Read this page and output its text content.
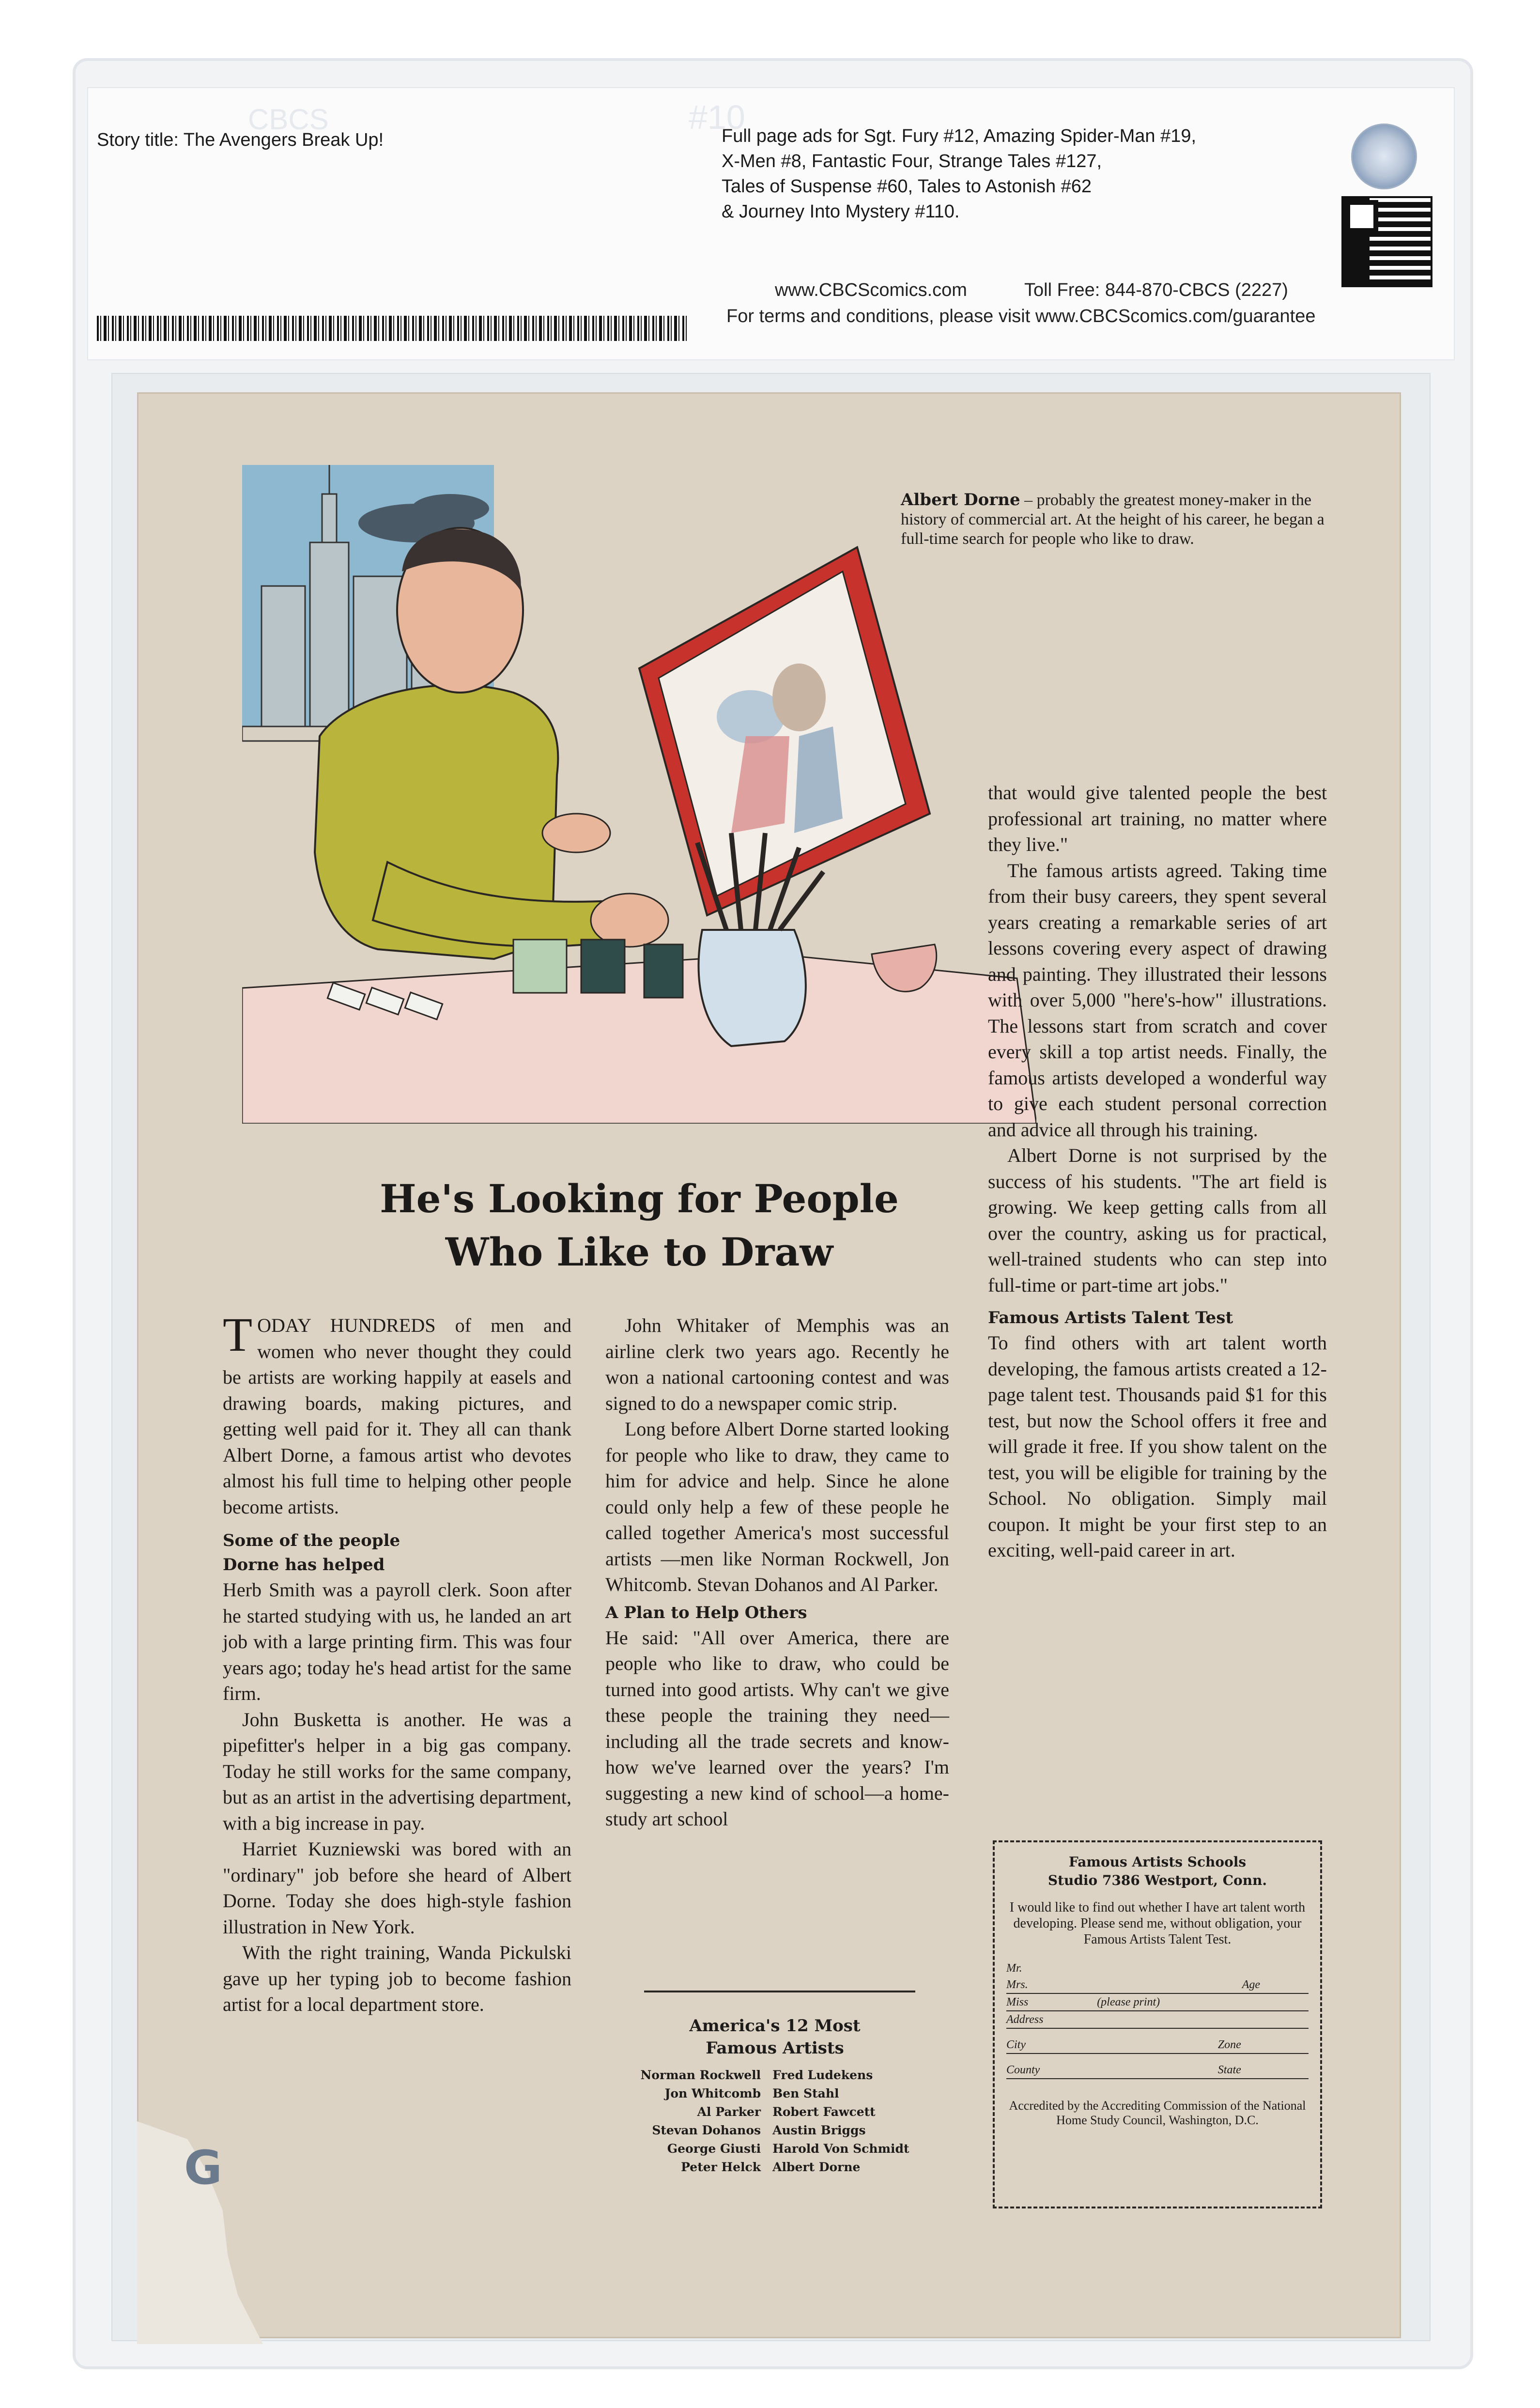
CBCS	#10
Story title: The Avengers Break Up!	Full page ads for Sgt. Fury #12, Amazing Spider-Man #19,
X-Men #8, Fantastic Four, Strange Tales #127,
Tales of Suspense #60, Tales to Astonish #62
& Journey Into Mystery #110.
www.CBCScomics.com	Toll Free: 844-870-CBCS (2227)
For terms and conditions, please visit www.CBCScomics.com/guarantee
Albert Dorne – probably the greatest money-maker in the history of commercial art. At the height of his career, he began a full-time search for people who like to draw.
He's Looking for People
Who Like to Draw

TODAY HUNDREDS of men and women who never thought they could be artists are working happily at easels and drawing boards, making pictures, and getting well paid for it. They all can thank Albert Dorne, a famous artist who devotes almost his full time to helping other people become artists.

Some of the people
Dorne has helped

Herb Smith was a payroll clerk. Soon after he started studying with us, he landed an art job with a large printing firm. This was four years ago; today he's head artist for the same firm.

John Busketta is another. He was a pipefitter's helper in a big gas company. Today he still works for the same company, but as an artist in the advertising department, with a big increase in pay.

Harriet Kuzniewski was bored with an "ordinary" job before she heard of Albert Dorne. Today she does high-style fashion illustration in New York.

With the right training, Wanda Pickulski gave up her typing job to become fashion artist for a local department store.

John Whitaker of Memphis was an airline clerk two years ago. Recently he won a national cartooning contest and was signed to do a newspaper comic strip.

Long before Albert Dorne started looking for people who like to draw, they came to him for advice and help. Since he alone could only help a few of these people he called together America's most successful artists —men like Norman Rockwell, Jon Whitcomb. Stevan Dohanos and Al Parker.

A Plan to Help Others

He said: "All over America, there are people who like to draw, who could be turned into good artists. Why can't we give these people the training they need—including all the trade secrets and know-how we've learned over the years? I'm suggesting a new kind of school—a home-study art school

that would give talented people the best professional art training, no matter where they live."

The famous artists agreed. Taking time from their busy careers, they spent several years creating a remarkable series of art lessons covering every aspect of drawing and painting. They illustrated their lessons with over 5,000 "here's-how" illustrations. The lessons start from scratch and cover every skill a top artist needs. Finally, the famous artists developed a wonderful way to give each student personal correction and advice all through his training.

Albert Dorne is not surprised by the success of his students. "The art field is growing. We keep getting calls from all over the country, asking us for practical, well-trained students who can step into full-time or part-time art jobs."

Famous Artists Talent Test

To find others with art talent worth developing, the famous artists created a 12-page talent test. Thousands paid $1 for this test, but now the School offers it free and will grade it free. If you show talent on the test, you will be eligible for training by the School. No obligation. Simply mail coupon. It might be your first step to an exciting, well-paid career in art.

America's 12 Most
Famous Artists
Norman Rockwell	Fred Ludekens
Jon Whitcomb	Ben Stahl
Al Parker	Robert Fawcett
Stevan Dohanos	Austin Briggs
George Giusti	Harold Von Schmidt
Peter Helck	Albert Dorne
Famous Artists Schools
Studio 7386 Westport, Conn.
I would like to find out whether I have art talent worth developing. Please send me, without obligation, your Famous Artists Talent Test.
Mr.
Mrs.	Age
Miss	(please print)
Address
City	Zone
County	State
Accredited by the Accrediting Commission of the National Home Study Council, Washington, D.C.
G
